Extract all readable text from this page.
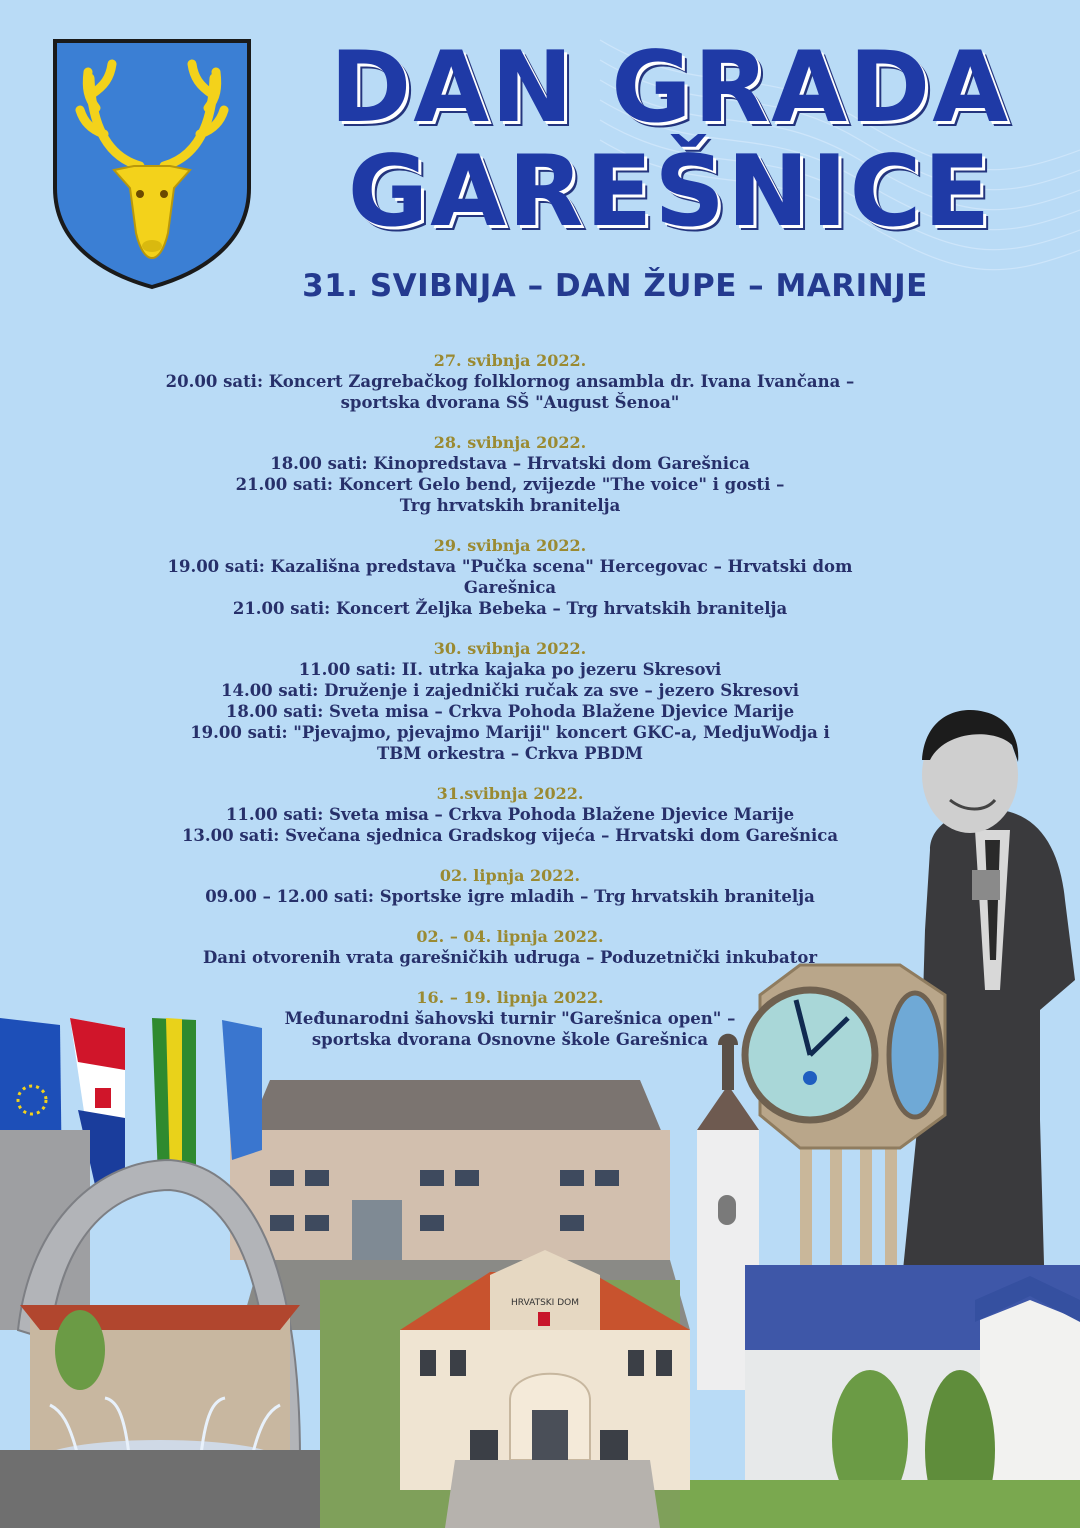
DAN GRADA
GAREŠNICE
31. SVIBNJA – DAN ŽUPE – MARINJE
27. svibnja 2022.
20.00 sati: Koncert Zagrebačkog folklornog ansambla dr. Ivana Ivančana –
sportska dvorana SŠ "August Šenoa"
28. svibnja 2022.
18.00 sati: Kinopredstava – Hrvatski dom Garešnica
21.00 sati: Koncert Gelo bend, zvijezde "The voice" i gosti –
Trg hrvatskih branitelja
29. svibnja 2022.
19.00 sati: Kazališna predstava "Pučka scena" Hercegovac – Hrvatski dom
Garešnica
21.00 sati: Koncert Željka Bebeka – Trg hrvatskih branitelja
30. svibnja 2022.
11.00 sati: II. utrka kajaka po jezeru Skresovi
14.00 sati: Druženje i zajednički ručak za sve – jezero Skresovi
18.00 sati: Sveta misa – Crkva Pohoda Blažene Djevice Marije
19.00 sati: "Pjevajmo, pjevajmo Mariji" koncert GKC-a, MedjuWodja i
TBM orkestra – Crkva PBDM
31.svibnja 2022.
11.00 sati: Sveta misa – Crkva Pohoda Blažene Djevice Marije
13.00 sati: Svečana sjednica Gradskog vijeća – Hrvatski dom Garešnica
02. lipnja 2022.
09.00 – 12.00 sati: Sportske igre mladih – Trg hrvatskih branitelja
02. – 04. lipnja 2022.
Dani otvorenih vrata garešničkih udruga – Poduzetnički inkubator
16. – 19. lipnja 2022.
Međunarodni šahovski turnir "Garešnica open" –
sportska dvorana Osnovne škole Garešnica
HRVATSKI DOM
